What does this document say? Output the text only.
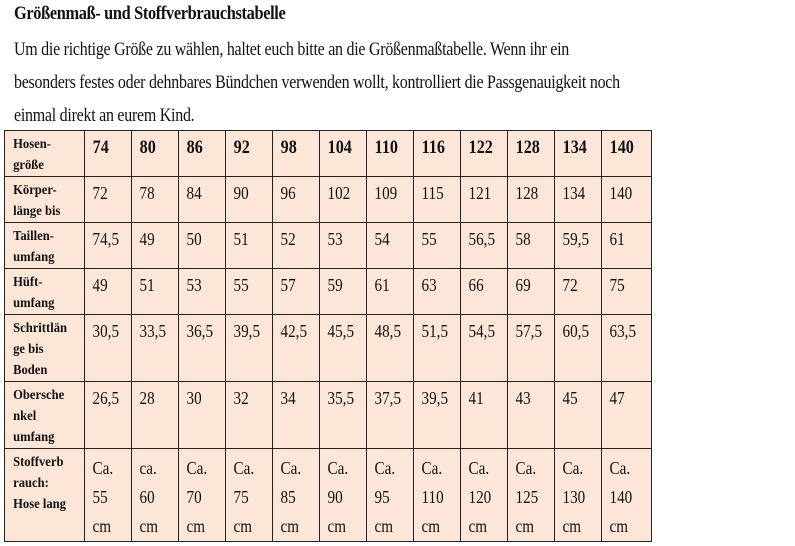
Größenmaß- und Stoffverbrauchstabelle
Um die richtige Größe zu wählen, haltet euch bitte an die Größenmaßtabelle. Wenn ihr ein
besonders festes oder dehnbares Bündchen verwenden wollt, kontrolliert die Passgenauigkeit noch
einmal direkt an eurem Kind.
Hosen-
größe	74	80	86	92	98	104	110	116	122	128	134	140

Körper-
länge bis	72	78	84	90	96	102	109	115	121	128	134	140

Taillen-
umfang	74,5	49	50	51	52	53	54	55	56,5	58	59,5	61

Hüft-
umfang	49	51	53	55	57	59	61	63	66	69	72	75

Schrittlän
ge bis
Boden	30,5	33,5	36,5	39,5	42,5	45,5	48,5	51,5	54,5	57,5	60,5	63,5

Obersche
nkel
umfang	26,5	28	30	32	34	35,5	37,5	39,5	41	43	45	47

Stoffverb
rauch:
Hose lang	Ca.
55
cm	ca.
60
cm	Ca.
70
cm	Ca.
75
cm	Ca.
85
cm	Ca.
90
cm	Ca.
95
cm	Ca.
110
cm	Ca.
120
cm	Ca.
125
cm	Ca.
130
cm	Ca.
140
cm
